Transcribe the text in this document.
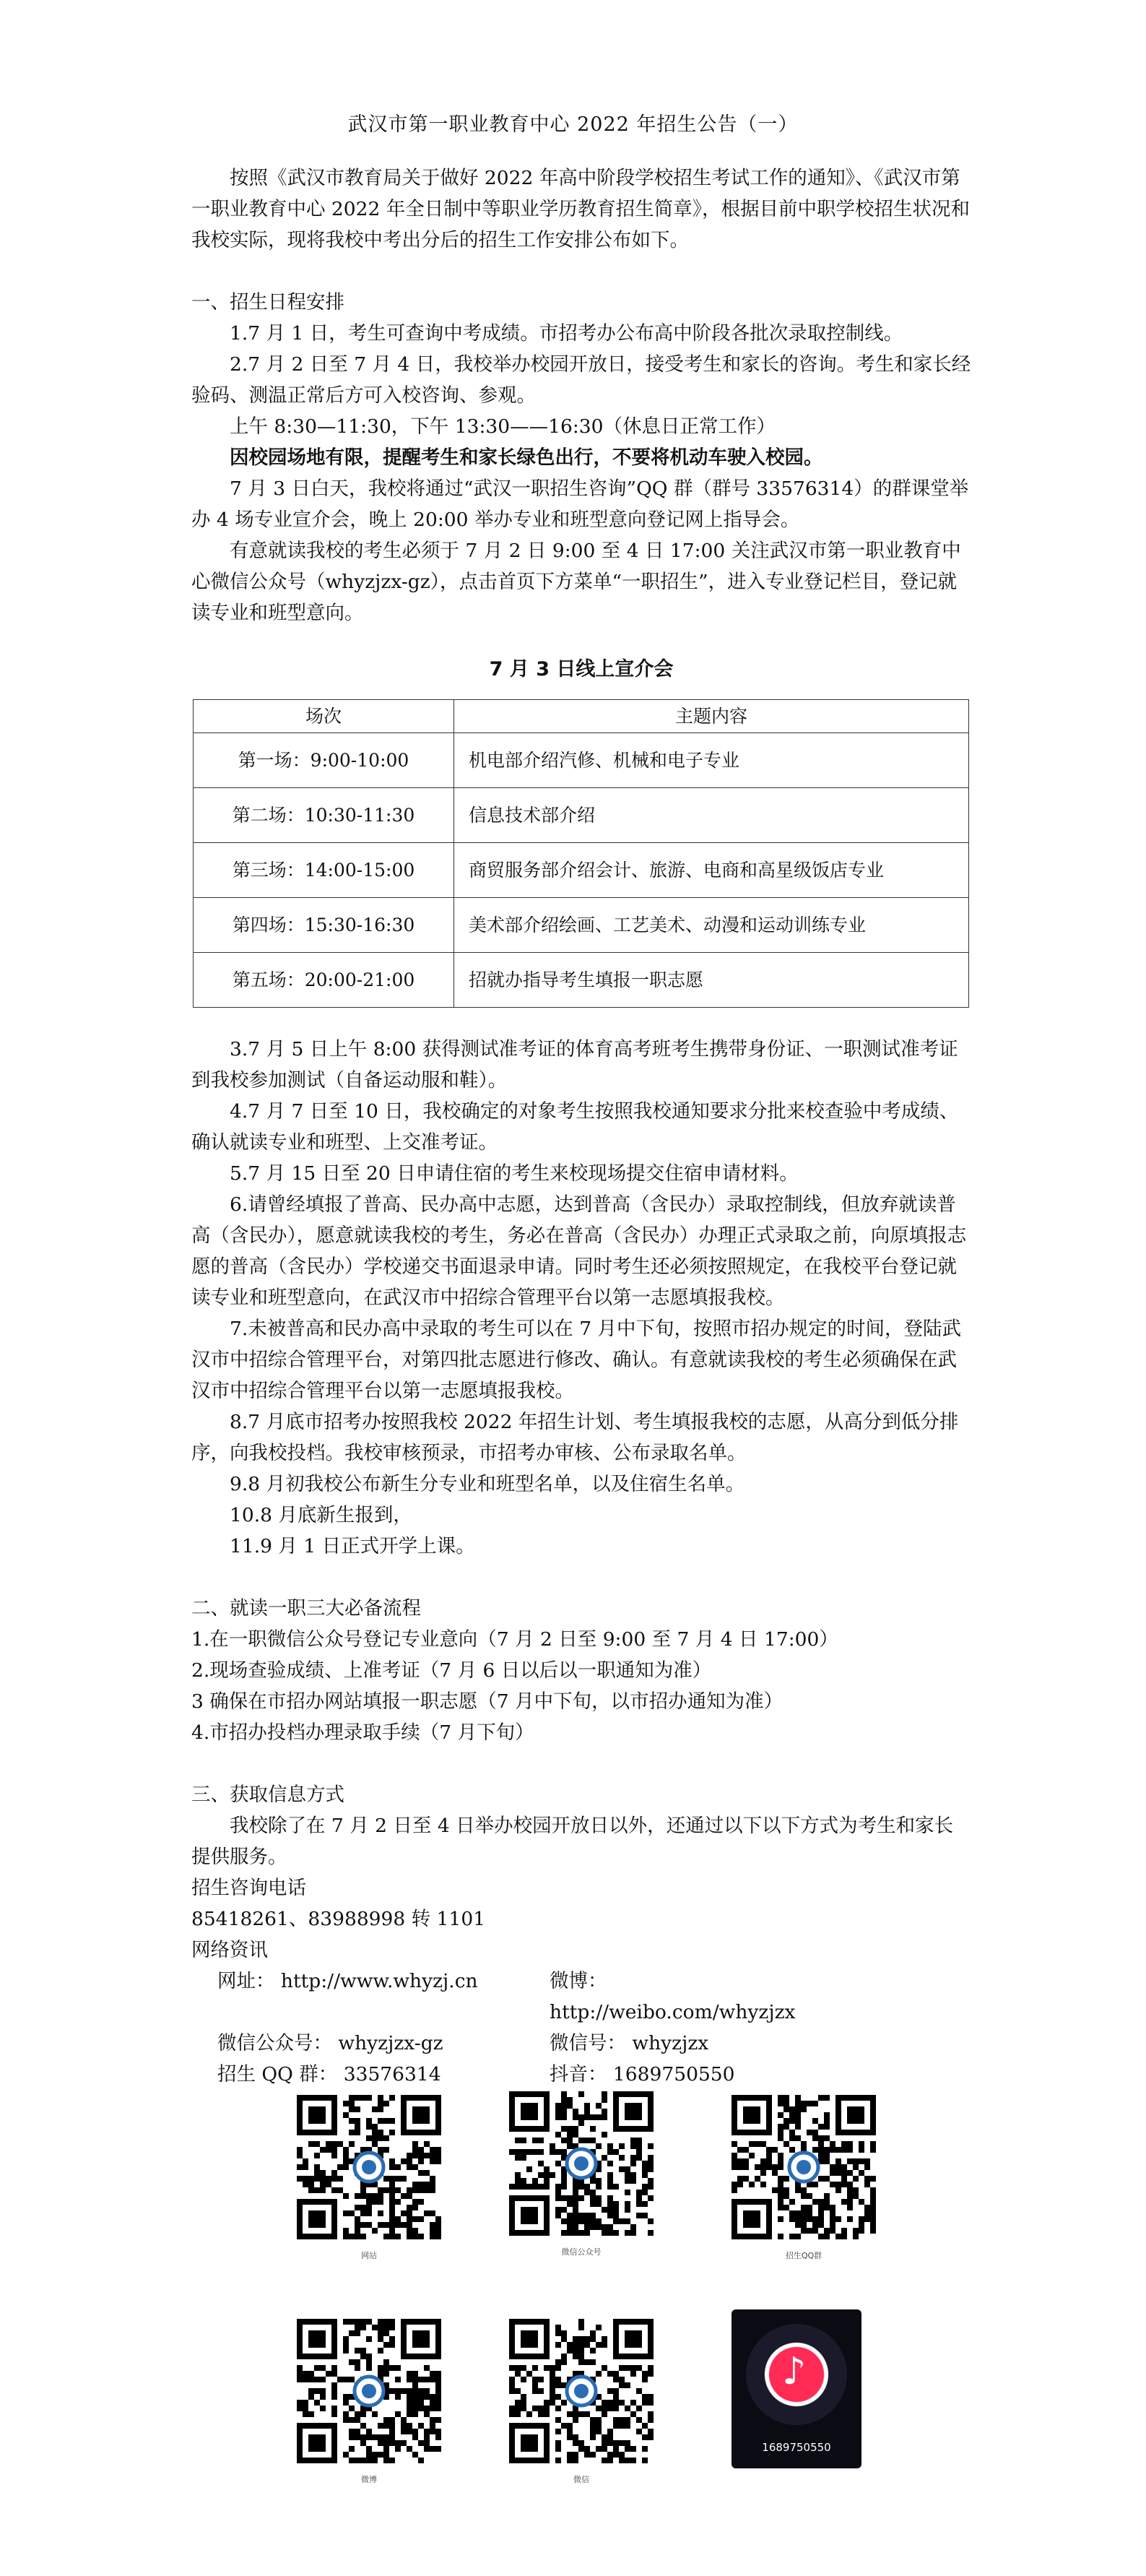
武汉市第一职业教育中心 2022 年招生公告（一）

按照《武汉市教育局关于做好 2022 年高中阶段学校招生考试工作的通知》、《武汉市第一职业教育中心 2022 年全日制中等职业学历教育招生简章》，根据目前中职学校招生状况和我校实际，现将我校中考出分后的招生工作安排公布如下。

一、招生日程安排

1.7 月 1 日，考生可查询中考成绩。市招考办公布高中阶段各批次录取控制线。

2.7 月 2 日至 7 月 4 日，我校举办校园开放日，接受考生和家长的咨询。考生和家长经验码、测温正常后方可入校咨询、参观。

上午 8:30—11:30，下午 13:30——16:30（休息日正常工作）

因校园场地有限，提醒考生和家长绿色出行，不要将机动车驶入校园。

7 月 3 日白天，我校将通过“武汉一职招生咨询”QQ 群（群号 33576314）的群课堂举办 4 场专业宣介会，晚上 20:00 举办专业和班型意向登记网上指导会。

有意就读我校的考生必须于 7 月 2 日 9:00 至 4 日 17:00 关注武汉市第一职业教育中心微信公众号（whyzjzx-gz），点击首页下方菜单“一职招生”，进入专业登记栏目，登记就读专业和班型意向。

7 月 3 日线上宣介会
场次	主题内容
第一场：9:00-10:00	机电部介绍汽修、机械和电子专业
第二场：10:30-11:30	信息技术部介绍
第三场：14:00-15:00	商贸服务部介绍会计、旅游、电商和高星级饭店专业
第四场：15:30-16:30	美术部介绍绘画、工艺美术、动漫和运动训练专业
第五场：20:00-21:00	招就办指导考生填报一职志愿

3.7 月 5 日上午 8:00 获得测试准考证的体育高考班考生携带身份证、一职测试准考证到我校参加测试（自备运动服和鞋）。

4.7 月 7 日至 10 日，我校确定的对象考生按照我校通知要求分批来校查验中考成绩、确认就读专业和班型、上交准考证。

5.7 月 15 日至 20 日申请住宿的考生来校现场提交住宿申请材料。

6.请曾经填报了普高、民办高中志愿，达到普高（含民办）录取控制线，但放弃就读普高（含民办），愿意就读我校的考生，务必在普高（含民办）办理正式录取之前，向原填报志愿的普高（含民办）学校递交书面退录申请。同时考生还必须按照规定，在我校平台登记就读专业和班型意向，在武汉市中招综合管理平台以第一志愿填报我校。

7.未被普高和民办高中录取的考生可以在 7 月中下旬，按照市招办规定的时间，登陆武汉市中招综合管理平台，对第四批志愿进行修改、确认。有意就读我校的考生必须确保在武汉市中招综合管理平台以第一志愿填报我校。

8.7 月底市招考办按照我校 2022 年招生计划、考生填报我校的志愿，从高分到低分排序，向我校投档。我校审核预录，市招考办审核、公布录取名单。

9.8 月初我校公布新生分专业和班型名单，以及住宿生名单。

10.8 月底新生报到，

11.9 月 1 日正式开学上课。

二、就读一职三大必备流程

1.在一职微信公众号登记专业意向（7 月 2 日至 9:00 至 7 月 4 日 17:00）

2.现场查验成绩、上准考证（7 月 6 日以后以一职通知为准）

3 确保在市招办网站填报一职志愿（7 月中下旬，以市招办通知为准）

4.市招办投档办理录取手续（7 月下旬）

三、获取信息方式

我校除了在 7 月 2 日至 4 日举办校园开放日以外，还通过以下以下方式为考生和家长提供服务。

招生咨询电话

85418261、83988998 转 1101

网络资讯

网址： http://www.whyzj.cn	微博：http://weibo.com/whyzjzx
微信公众号： whyzjzx-gz	微信号： whyzjzx
招生 QQ 群： 33576314	抖音： 1689750550
网站	微信公众号	招生QQ群
微博	微信
♪
1689750550
